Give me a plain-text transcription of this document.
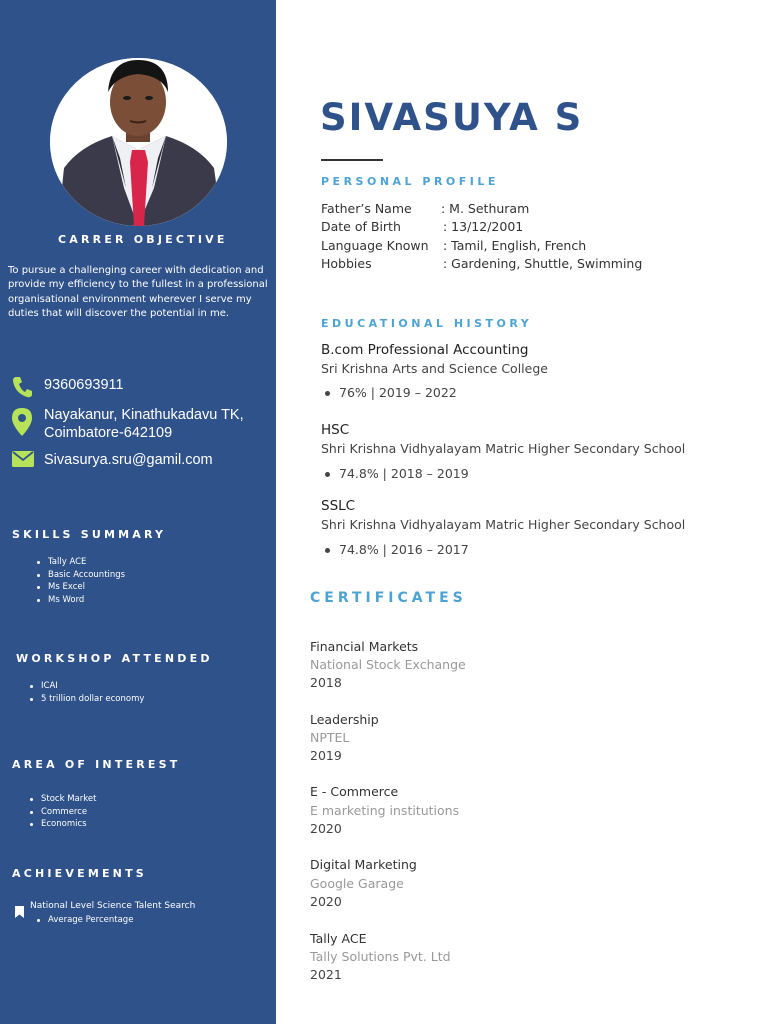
CARRER OBJECTIVE
To pursue a challenging career with dedication and provide my efficiency to the fullest in a professional organisational environment wherever I serve my duties that will discover the potential in me.
9360693911
Nayakanur, Kinathukadavu TK,
Coimbatore-642109
Sivasurya.sru@gamil.com
SKILLS SUMMARY
Tally ACE
Basic Accountings
Ms Excel
Ms Word
WORKSHOP ATTENDED
ICAI
5 trillion dollar economy
AREA OF INTEREST
Stock Market
Commerce
Economics
ACHIEVEMENTS
National Level Science Talent Search
Average Percentage
SIVASUYA S
PERSONAL PROFILE
Father’s Name : M. Sethuram
Date of Birth	: 13/12/2001
Language Known : Tamil, English, French
Hobbies	: Gardening, Shuttle, Swimming
EDUCATIONAL HISTORY
B.com Professional Accounting
Sri Krishna Arts and Science College
76% | 2019 – 2022
HSC
Shri Krishna Vidhyalayam Matric Higher Secondary School
74.8% | 2018 – 2019
SSLC
Shri Krishna Vidhyalayam Matric Higher Secondary School
74.8% | 2016 – 2017
CERTIFICATES
Financial Markets
National Stock Exchange
2018
Leadership
NPTEL
2019
E - Commerce
E marketing institutions
2020
Digital Marketing
Google Garage
2020
Tally ACE
Tally Solutions Pvt. Ltd
2021
